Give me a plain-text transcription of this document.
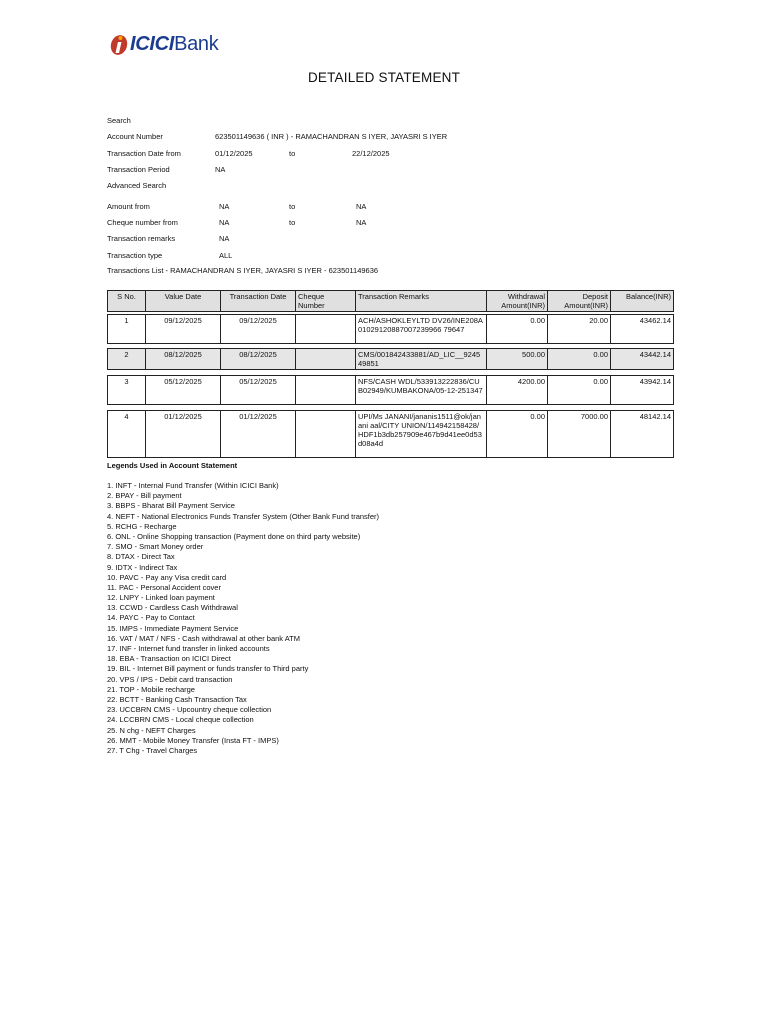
ICICIBank
DETAILED STATEMENT
Search
Account Number	623501149636 ( INR ) - RAMACHANDRAN S IYER, JAYASRI S IYER
Transaction Date from	01/12/2025	to	22/12/2025
Transaction Period	NA
Advanced Search
Amount from	NA	to	NA
Cheque number from	NA	to	NA
Transaction remarks	NA
Transaction type	ALL
Transactions List - RAMACHANDRAN S IYER, JAYASRI S IYER - 623501149636
S No.	Value Date	Transaction Date	Cheque Number	Transaction Remarks	Withdrawal Amount(INR)	Deposit Amount(INR)	Balance(INR)
1	09/12/2025	09/12/2025		ACH/ASHOKLEYLTD DV26/INE208A01029120887007239966 79647	0.00	20.00	43462.14
2	08/12/2025	08/12/2025		CMS/001842433881/AD_LIC__924549851	500.00	0.00	43442.14
3	05/12/2025	05/12/2025		NFS/CASH WDL/533913222836/CUB02949/KUMBAKONA/05-12-251347	4200.00	0.00	43942.14
4	01/12/2025	01/12/2025		UPI/Ms JANANI/jananis1511@ok/janani aal/CITY UNION/114942158428/HDF1b3db257909e467b9d41ee0d53d08a4d	0.00	7000.00	48142.14
Legends Used in Account Statement
1. INFT - Internal Fund Transfer (Within ICICI Bank)
2. BPAY - Bill payment
3. BBPS - Bharat Bill Payment Service
4. NEFT - National Electronics Funds Transfer System (Other Bank Fund transfer)
5. RCHG - Recharge
6. ONL - Online Shopping transaction (Payment done on third party website)
7. SMO - Smart Money order
8. DTAX - Direct Tax
9. IDTX - Indirect Tax
10. PAVC - Pay any Visa credit card
11. PAC - Personal Accident cover
12. LNPY - Linked loan payment
13. CCWD - Cardless Cash Withdrawal
14. PAYC - Pay to Contact
15. IMPS - Immediate Payment Service
16. VAT / MAT / NFS - Cash withdrawal at other bank ATM
17. INF - Internet fund transfer in linked accounts
18. EBA - Transaction on ICICI Direct
19. BIL - Internet Bill payment or funds transfer to Third party
20. VPS / IPS - Debit card transaction
21. TOP - Mobile recharge
22. BCTT - Banking Cash Transaction Tax
23. UCCBRN CMS - Upcountry cheque collection
24. LCCBRN CMS - Local cheque collection
25. N chg - NEFT Charges
26. MMT - Mobile Money Transfer (Insta FT - IMPS)
27. T Chg - Travel Charges
